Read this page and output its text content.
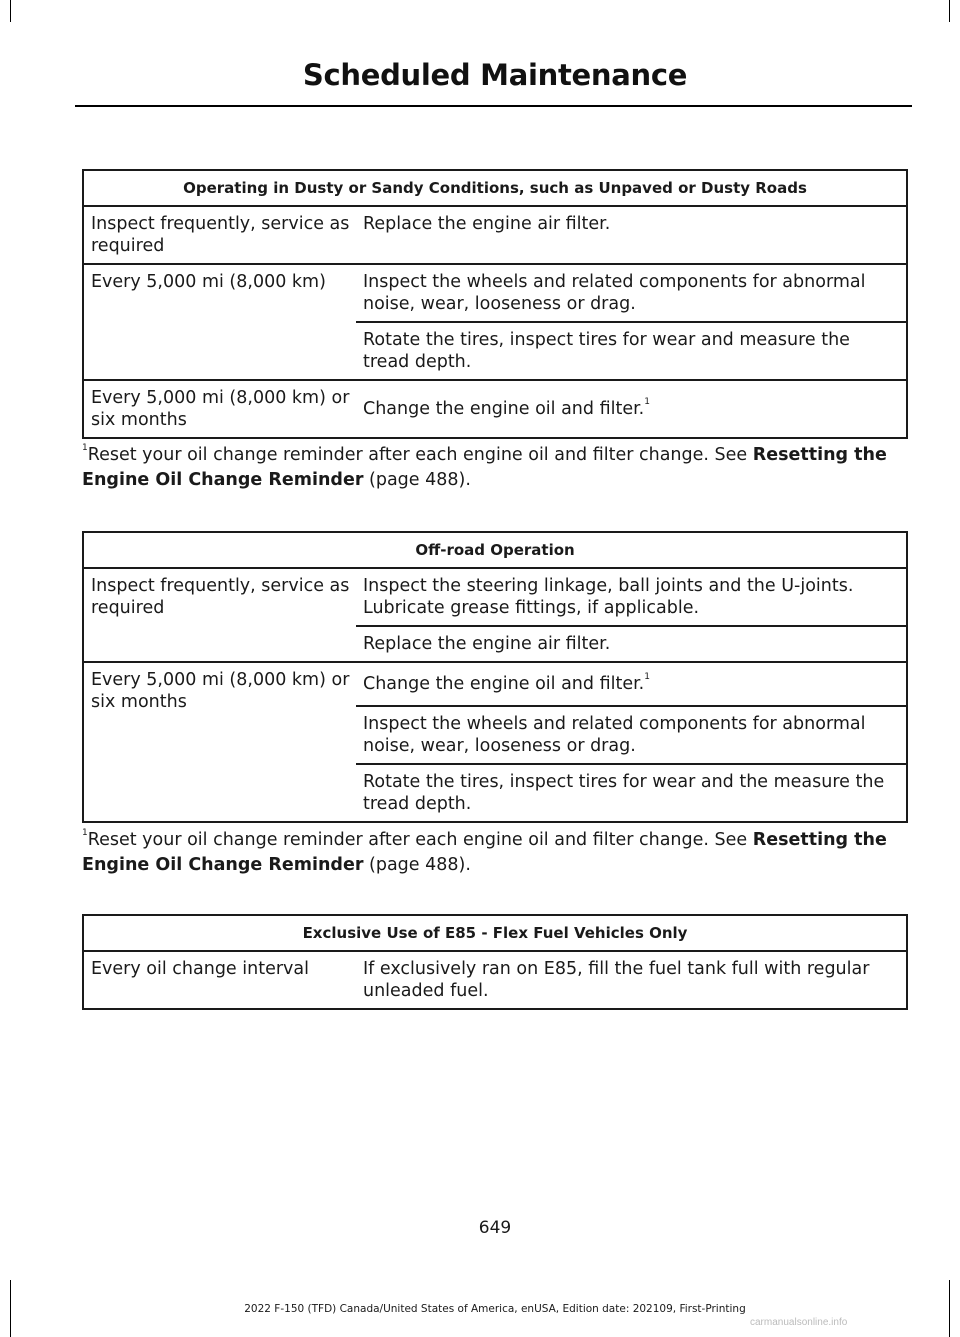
Scheduled Maintenance
Operating in Dusty or Sandy Conditions, such as Unpaved or Dusty Roads	
Inspect frequently, service as required	Replace the engine air filter.
Every 5,000 mi (8,000 km)	Inspect the wheels and related components for abnormal noise, wear, looseness or drag.
	Rotate the tires, inspect tires for wear and measure the tread depth.
Every 5,000 mi (8,000 km) or six months	Change the engine oil and filter.$^1$
$^1$Reset your oil change reminder after each engine oil and filter change. See Resetting the Engine Oil Change Reminder (page 488).
Off-road Operation	
Inspect frequently, service as required	Inspect the steering linkage, ball joints and the U-joints. Lubricate grease fittings, if applicable.
	Replace the engine air filter.
Every 5,000 mi (8,000 km) or six months	Change the engine oil and filter.$^1$
	Inspect the wheels and related components for abnormal noise, wear, looseness or drag.
	Rotate the tires, inspect tires for wear and the measure the tread depth.
$^1$Reset your oil change reminder after each engine oil and filter change. See Resetting the Engine Oil Change Reminder (page 488).
Exclusive Use of E85 - Flex Fuel Vehicles Only
Every oil change interval	If exclusively ran on E85, fill the fuel tank full with regular unleaded fuel.
649
2022 F-150 (TFD) Canada/United States of America, enUSA, Edition date: 202109, First-Printing
carmanualsonline.info
